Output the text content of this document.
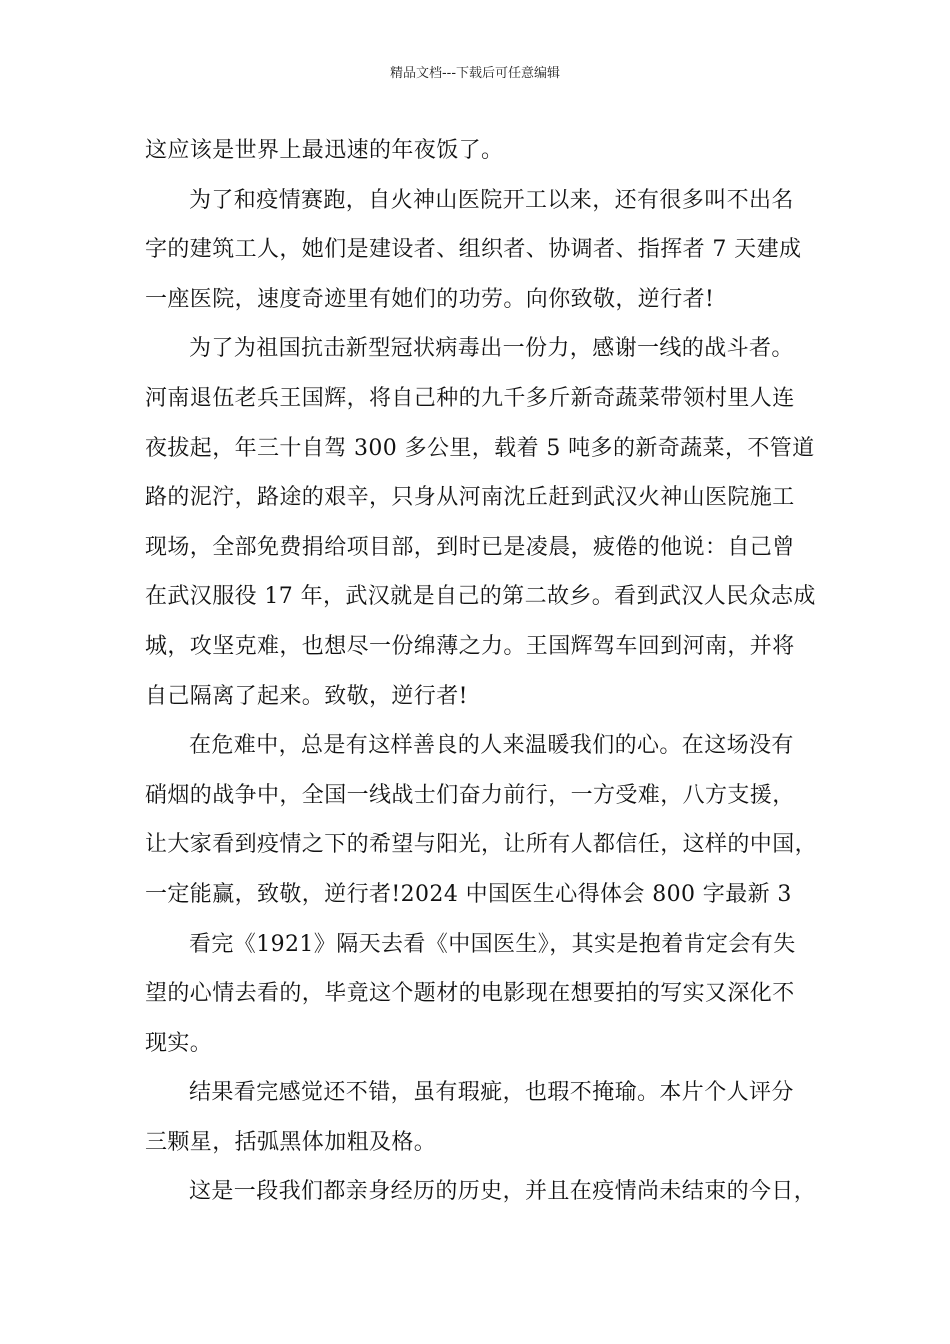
精品文档---下载后可任意编辑
这应该是世界上最迅速的年夜饭了。
为了和疫情赛跑，自火神山医院开工以来，还有很多叫不出名
字的建筑工人，她们是建设者、组织者、协调者、指挥者 7 天建成
一座医院，速度奇迹里有她们的功劳。向你致敬，逆行者!
为了为祖国抗击新型冠状病毒出一份力，感谢一线的战斗者。
河南退伍老兵王国辉，将自己种的九千多斤新奇蔬菜带领村里人连
夜拔起，年三十自驾 300 多公里，载着 5 吨多的新奇蔬菜，不管道
路的泥泞，路途的艰辛，只身从河南沈丘赶到武汉火神山医院施工
现场，全部免费捐给项目部，到时已是凌晨，疲倦的他说：自己曾
在武汉服役 17 年，武汉就是自己的第二故乡。看到武汉人民众志成
城，攻坚克难，也想尽一份绵薄之力。王国辉驾车回到河南，并将
自己隔离了起来。致敬，逆行者!
在危难中，总是有这样善良的人来温暖我们的心。在这场没有
硝烟的战争中，全国一线战士们奋力前行，一方受难，八方支援，
让大家看到疫情之下的希望与阳光，让所有人都信任，这样的中国，
一定能赢，致敬，逆行者!2024 中国医生心得体会 800 字最新 3
看完《1921》隔天去看《中国医生》，其实是抱着肯定会有失
望的心情去看的，毕竟这个题材的电影现在想要拍的写实又深化不
现实。
结果看完感觉还不错，虽有瑕疵，也瑕不掩瑜。本片个人评分
三颗星，括弧黑体加粗及格。
这是一段我们都亲身经历的历史，并且在疫情尚未结束的今日，
